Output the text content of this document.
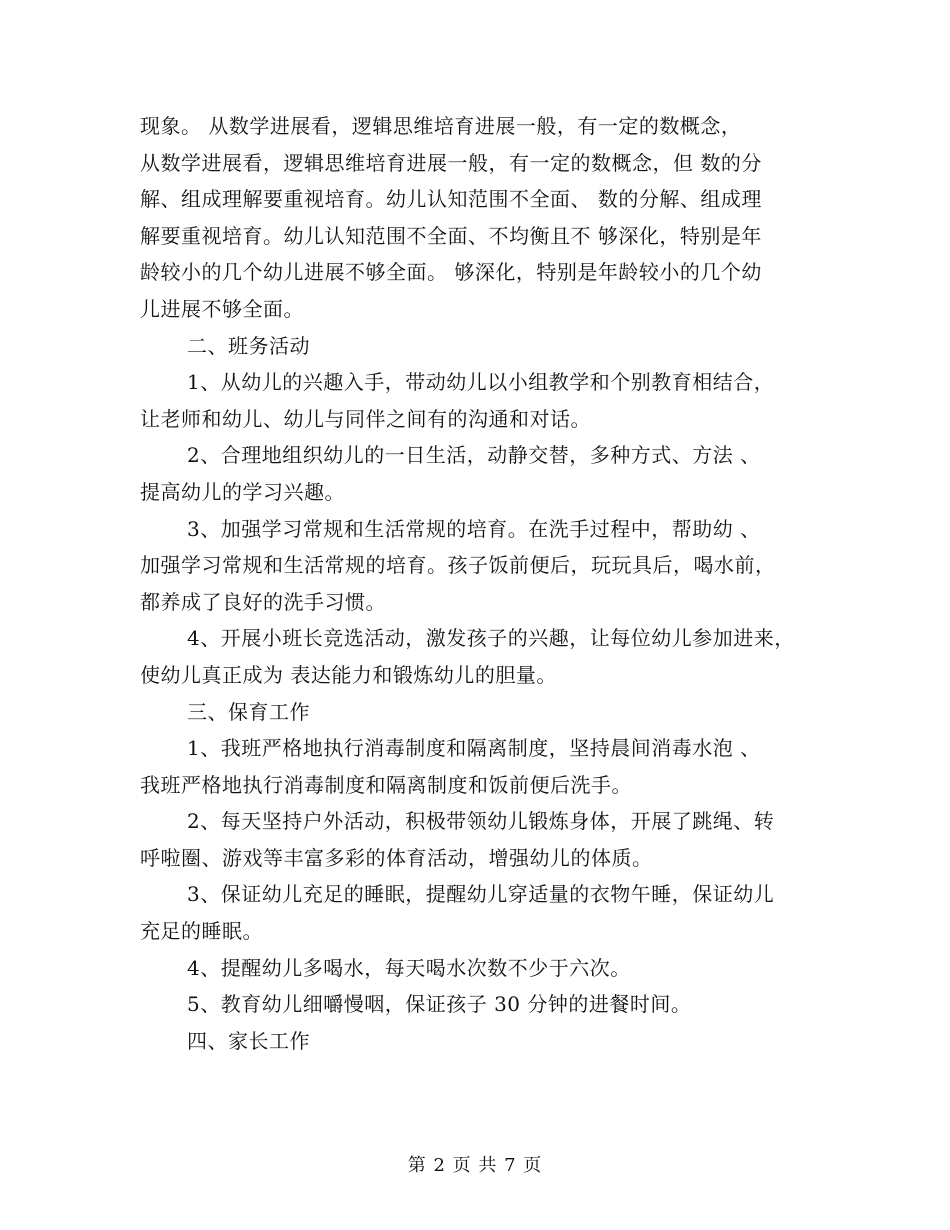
现象。 从数学进展看，逻辑思维培育进展一般，有一定的数概念，
从数学进展看，逻辑思维培育进展一般，有一定的数概念，但 数的分
解、组成理解要重视培育。幼儿认知范围不全面、 数的分解、组成理
解要重视培育。幼儿认知范围不全面、不均衡且不 够深化，特别是年
龄较小的几个幼儿进展不够全面。 够深化，特别是年龄较小的几个幼
儿进展不够全面。
二、班务活动
1、从幼儿的兴趣入手，带动幼儿以小组教学和个别教育相结合，
让老师和幼儿、幼儿与同伴之间有的沟通和对话。
2、合理地组织幼儿的一日生活，动静交替，多种方式、方法 、
提高幼儿的学习兴趣。
3、加强学习常规和生活常规的培育。在洗手过程中，帮助幼 、
加强学习常规和生活常规的培育。孩子饭前便后，玩玩具后，喝水前，
都养成了良好的洗手习惯。
4、开展小班长竞选活动，激发孩子的兴趣，让每位幼儿参加进来，
使幼儿真正成为 表达能力和锻炼幼儿的胆量。
三、保育工作
1、我班严格地执行消毒制度和隔离制度，坚持晨间消毒水泡 、
我班严格地执行消毒制度和隔离制度和饭前便后洗手。
2、每天坚持户外活动，积极带领幼儿锻炼身体，开展了跳绳、转
呼啦圈、游戏等丰富多彩的体育活动，增强幼儿的体质。
3、保证幼儿充足的睡眠，提醒幼儿穿适量的衣物午睡，保证幼儿
充足的睡眠。
4、提醒幼儿多喝水，每天喝水次数不少于六次。
5、教育幼儿细嚼慢咽，保证孩子 30 分钟的进餐时间。
四、家长工作
第 2 页 共 7 页
